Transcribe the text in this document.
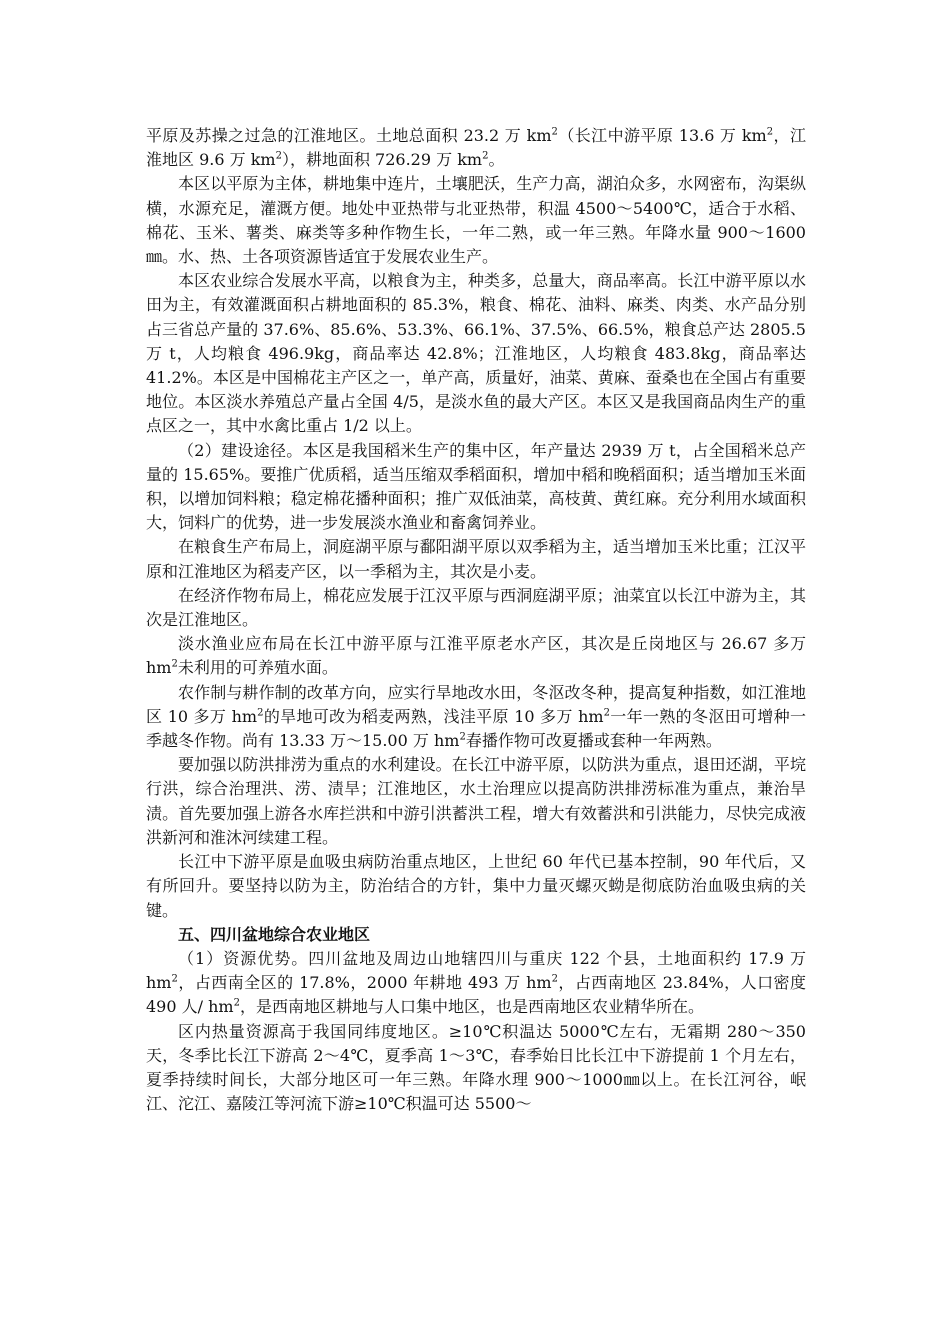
平原及苏操之过急的江淮地区。土地总面积 23.2 万 $km^2$（长江中游平原 13.6 万 $km^2$，江淮地区 9.6 万 $km^2$），耕地面积 726.29 万 $km^2$。

本区以平原为主体，耕地集中连片，土壤肥沃，生产力高，湖泊众多，水网密布，沟渠纵横，水源充足，灌溉方便。地处中亚热带与北亚热带，积温 4500～5400℃，适合于水稻、棉花、玉米、薯类、麻类等多种作物生长，一年二熟，或一年三熟。年降水量 900～1600㎜。水、热、土各项资源皆适宜于发展农业生产。

本区农业综合发展水平高，以粮食为主，种类多，总量大，商品率高。长江中游平原以水田为主，有效灌溉面积占耕地面积的 85.3%，粮食、棉花、油料、麻类、肉类、水产品分别占三省总产量的 37.6%、85.6%、53.3%、66.1%、37.5%、66.5%，粮食总产达 2805.5 万 t，人均粮食 496.9kg，商品率达 42.8%；江淮地区，人均粮食 483.8kg，商品率达 41.2%。本区是中国棉花主产区之一，单产高，质量好，油菜、黄麻、蚕桑也在全国占有重要地位。本区淡水养殖总产量占全国 4/5，是淡水鱼的最大产区。本区又是我国商品肉生产的重点区之一，其中水禽比重占 1/2 以上。

（2）建设途径。本区是我国稻米生产的集中区，年产量达 2939 万 t，占全国稻米总产量的 15.65%。要推广优质稻，适当压缩双季稻面积，增加中稻和晚稻面积；适当增加玉米面积，以增加饲料粮；稳定棉花播种面积；推广双低油菜，高枝黄、黄红麻。充分利用水域面积大，饲料广的优势，进一步发展淡水渔业和畜禽饲养业。

在粮食生产布局上，洞庭湖平原与鄱阳湖平原以双季稻为主，适当增加玉米比重；江汉平原和江淮地区为稻麦产区，以一季稻为主，其次是小麦。

在经济作物布局上，棉花应发展于江汉平原与西洞庭湖平原；油菜宜以长江中游为主，其次是江淮地区。

淡水渔业应布局在长江中游平原与江淮平原老水产区，其次是丘岗地区与 26.67 多万 $hm^2$未利用的可养殖水面。

农作制与耕作制的改革方向，应实行旱地改水田，冬沤改冬种，提高复种指数，如江淮地区 10 多万 $hm^2$的旱地可改为稻麦两熟，浅洼平原 10 多万 $hm^2$一年一熟的冬沤田可增种一季越冬作物。尚有 13.33 万～15.00 万 $hm^2$春播作物可改夏播或套种一年两熟。

要加强以防洪排涝为重点的水利建设。在长江中游平原，以防洪为重点，退田还湖，平垸行洪，综合治理洪、涝、渍旱；江淮地区，水土治理应以提高防洪排涝标准为重点，兼治旱渍。首先要加强上游各水库拦洪和中游引洪蓄洪工程，增大有效蓄洪和引洪能力，尽快完成液洪新河和淮沐河续建工程。

长江中下游平原是血吸虫病防治重点地区，上世纪 60 年代已基本控制，90 年代后，又有所回升。要坚持以防为主，防治结合的方针，集中力量灭螺灭蚴是彻底防治血吸虫病的关键。

五、四川盆地综合农业地区

（1）资源优势。四川盆地及周边山地辖四川与重庆 122 个县，土地面积约 17.9 万 $hm^2$，占西南全区的 17.8%，2000 年耕地 493 万 $hm^2$，占西南地区 23.84%，人口密度 490 人/ $hm^2$，是西南地区耕地与人口集中地区，也是西南地区农业精华所在。

区内热量资源高于我国同纬度地区。≥10℃积温达 5000℃左右，无霜期 280～350 天，冬季比长江下游高 2～4℃，夏季高 1～3℃，春季始日比长江中下游提前 1 个月左右，夏季持续时间长，大部分地区可一年三熟。年降水理 900～1000㎜以上。在长江河谷，岷江、沱江、嘉陵江等河流下游≥10℃积温可达 5500～
